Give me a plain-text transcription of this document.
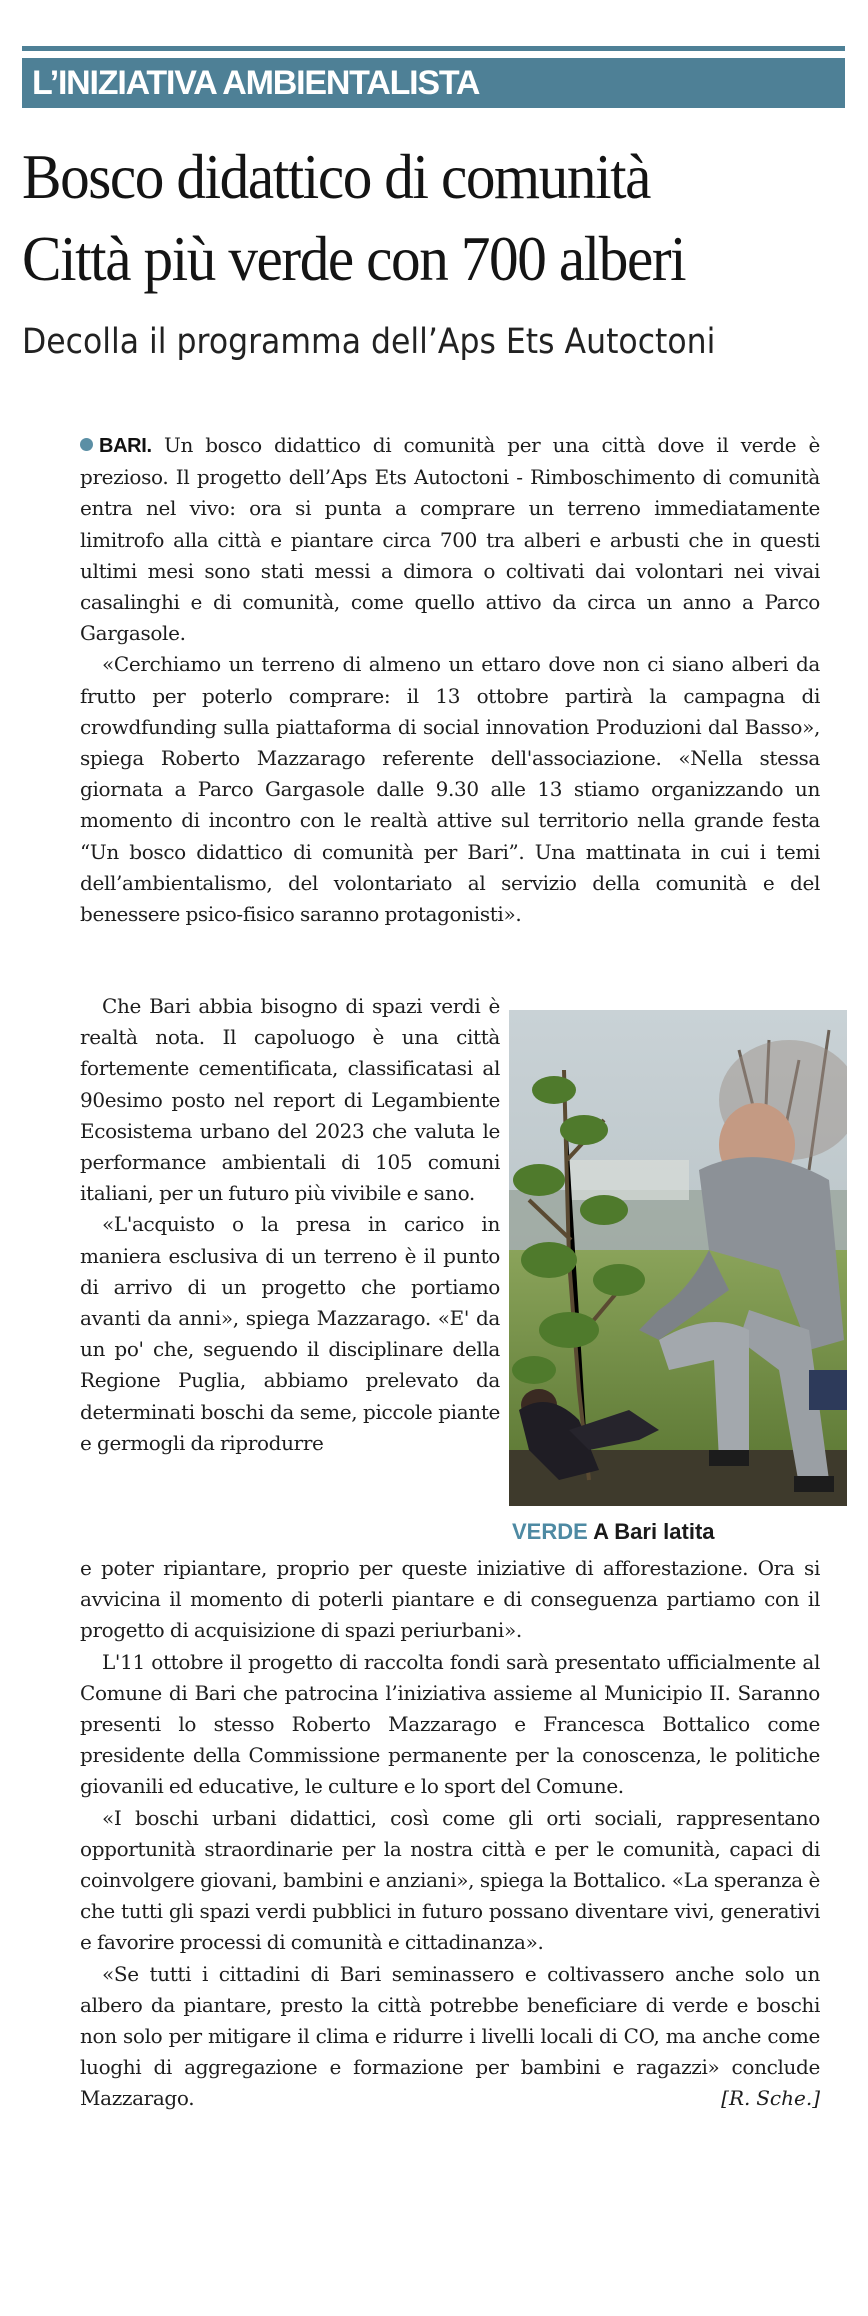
L’INIZIATIVA AMBIENTALISTA
Bosco didattico di comunità
Città più verde con 700 alberi
Decolla il programma dell’Aps Ets Autoctoni

BARI. Un bosco didattico di comunità per una città dove il verde è prezioso. Il progetto dell’Aps Ets Autoctoni - Rimboschimento di comunità entra nel vivo: ora si punta a comprare un terreno immediatamente limitrofo alla città e piantare circa 700 tra alberi e arbusti che in questi ultimi mesi sono stati messi a dimora o coltivati dai volontari nei vivai casalinghi e di comunità, come quello attivo da circa un anno a Parco Gargasole.

«Cerchiamo un terreno di almeno un ettaro dove non ci siano alberi da frutto per poterlo comprare: il 13 ottobre partirà la campagna di crowdfunding sulla piattaforma di social innovation Produzioni dal Basso», spiega Roberto Mazzarago referente dell'associazione. «Nella stessa giornata a Parco Gargasole dalle 9.30 alle 13 stiamo organizzando un momento di incontro con le realtà attive sul territorio nella grande festa “Un bosco didattico di comunità per Bari”. Una mattinata in cui i temi dell’ambientalismo, del volontariato al servizio della comunità e del benessere psico-fisico saranno protagonisti».

Che Bari abbia bisogno di spazi verdi è realtà nota. Il capoluogo è una città fortemente cementificata, classificatasi al 90esimo posto nel report di Legambiente Ecosistema urbano del 2023 che valuta le performance ambientali di 105 comuni italiani, per un futuro più vivibile e sano.

«L'acquisto o la presa in carico in maniera esclusiva di un terreno è il punto di arrivo di un progetto che portiamo avanti da anni», spiega Mazzarago. «E' da un po' che, seguendo il disciplinare della Regione Puglia, abbiamo prelevato da determinati boschi da seme, piccole piante e germogli da riprodurre

VERDE A Bari latita

e poter ripiantare, proprio per queste iniziative di afforestazione. Ora si avvicina il momento di poterli piantare e di conseguenza partiamo con il progetto di acquisizione di spazi periurbani».

L'11 ottobre il progetto di raccolta fondi sarà presentato ufficialmente al Comune di Bari che patrocina l’iniziativa assieme al Municipio II. Saranno presenti lo stesso Roberto Mazzarago e Francesca Bottalico come presidente della Commissione permanente per la conoscenza, le politiche giovanili ed educative, le culture e lo sport del Comune.

«I boschi urbani didattici, così come gli orti sociali, rappresentano opportunità straordinarie per la nostra città e per le comunità, capaci di coinvolgere giovani, bambini e anziani», spiega la Bottalico. «La speranza è che tutti gli spazi verdi pubblici in futuro possano diventare vivi, generativi e favorire processi di comunità e cittadinanza».

«Se tutti i cittadini di Bari seminassero e coltivassero anche solo un albero da piantare, presto la città potrebbe beneficiare di verde e boschi non solo per mitigare il clima e ridurre i livelli locali di CO, ma anche come luoghi di aggregazione e formazione per bambini e ragazzi» conclude Mazzarago.	[R. Sche.]
